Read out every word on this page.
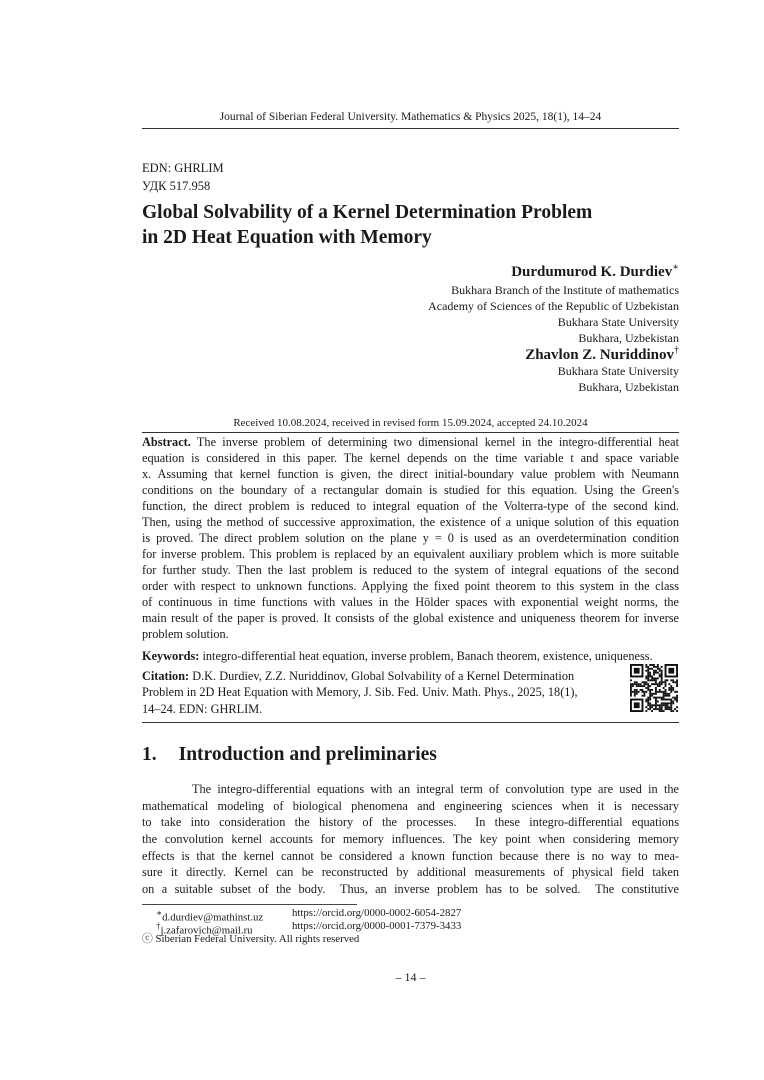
Journal of Siberian Federal University. Mathematics & Physics 2025, 18(1), 14–24
EDN: GHRLIM
УДК 517.958
Global Solvability of a Kernel Determination Problem
in 2D Heat Equation with Memory
Durdumurod K. Durdiev∗
Bukhara Branch of the Institute of mathematics
Academy of Sciences of the Republic of Uzbekistan
Bukhara State University
Bukhara, Uzbekistan
Zhavlon Z. Nuriddinov†
Bukhara State University
Bukhara, Uzbekistan
Received 10.08.2024, received in revised form 15.09.2024, accepted 24.10.2024
Abstract. The inverse problem of determining two dimensional kernel in the integro-differential heat
equation is considered in this paper. The kernel depends on the time variable t and space variable
x. Assuming that kernel function is given, the direct initial-boundary value problem with Neumann
conditions on the boundary of a rectangular domain is studied for this equation. Using the Green's
function, the direct problem is reduced to integral equation of the Volterra-type of the second kind.
Then, using the method of successive approximation, the existence of a unique solution of this equation
is proved. The direct problem solution on the plane y = 0 is used as an overdetermination condition
for inverse problem. This problem is replaced by an equivalent auxiliary problem which is more suitable
for further study. Then the last problem is reduced to the system of integral equations of the second
order with respect to unknown functions. Applying the fixed point theorem to this system in the class
of continuous in time functions with values in the Hölder spaces with exponential weight norms, the
main result of the paper is proved. It consists of the global existence and uniqueness theorem for inverse
problem solution.
Keywords: integro-differential heat equation, inverse problem, Banach theorem, existence, uniqueness.
Citation: D.K. Durdiev, Z.Z. Nuriddinov, Global Solvability of a Kernel Determination
Problem in 2D Heat Equation with Memory, J. Sib. Fed. Univ. Math. Phys., 2025, 18(1),
14–24. EDN: GHRLIM.
1. Introduction and preliminaries
The integro-differential equations with an integral term of convolution type are used in the
mathematical modeling of biological phenomena and engineering sciences when it is necessary
to take into consideration the history of the processes.  In these integro-differential equations
the convolution kernel accounts for memory influences. The key point when considering memory
effects is that the kernel cannot be considered a known function because there is no way to mea-
sure it directly. Kernel can be reconstructed by additional measurements of physical field taken
on a suitable subset of the body.  Thus, an inverse problem has to be solved.  The constitutive
∗d.durdiev@mathinst.uz	https://orcid.org/0000-0002-6054-2827
†j.zafarovich@mail.ru	https://orcid.org/0000-0001-7379-3433
ⓒ Siberian Federal University. All rights reserved
– 14 –
